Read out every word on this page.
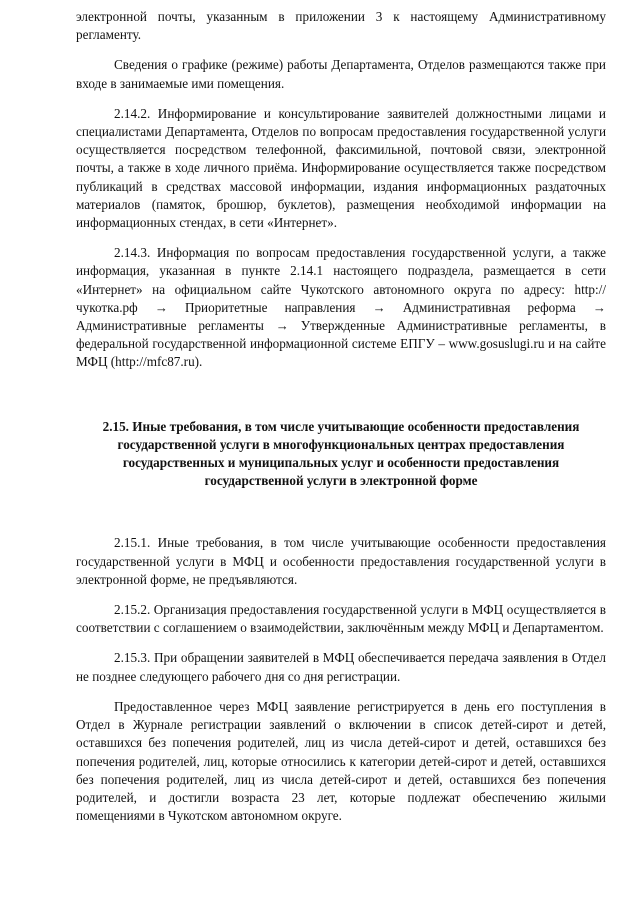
электронной почты, указанным в приложении 3 к настоящему Административному регламенту.

Сведения о графике (режиме) работы Департамента, Отделов размещаются также при входе в занимаемые ими помещения.

2.14.2. Информирование и консультирование заявителей должностными лицами и специалистами Департамента, Отделов по вопросам предоставления государственной услуги осуществляется посредством телефонной, факсимильной, почтовой связи, электронной почты, а также в ходе личного приёма. Информирование осуществляется также посредством публикаций в средствах массовой информации, издания информационных раздаточных материалов (памяток, брошюр, буклетов), размещения необходимой информации на информационных стендах, в сети «Интернет».

2.14.3. Информация по вопросам предоставления государственной услуги, а также информация, указанная в пункте 2.14.1 настоящего подраздела, размещается в сети «Интернет» на официальном сайте Чукотского автономного округа по адресу: http://чукотка.рф → Приоритетные направления → Административная реформа → Административные регламенты → Утвержденные Административные регламенты, в федеральной государственной информационной системе ЕПГУ – www.gosuslugi.ru и на сайте МФЦ (http://mfc87.ru).

2.15. Иные требования, в том числе учитывающие особенности предоставления государственной услуги в многофункциональных центрах предоставления государственных и муниципальных услуг и особенности предоставления государственной услуги в электронной форме

2.15.1. Иные требования, в том числе учитывающие особенности предоставления государственной услуги в МФЦ и особенности предоставления государственной услуги в электронной форме, не предъявляются.

2.15.2. Организация предоставления государственной услуги в МФЦ осуществляется в соответствии с соглашением о взаимодействии, заключённым между МФЦ и Департаментом.

2.15.3. При обращении заявителей в МФЦ обеспечивается передача заявления в Отдел не позднее следующего рабочего дня со дня регистрации.

Предоставленное через МФЦ заявление регистрируется в день его поступления в Отдел в Журнале регистрации заявлений о включении в список детей-сирот и детей, оставшихся без попечения родителей, лиц из числа детей-сирот и детей, оставшихся без попечения родителей, лиц, которые относились к категории детей-сирот и детей, оставшихся без попечения родителей, лиц из числа детей-сирот и детей, оставшихся без попечения родителей, и достигли возраста 23 лет, которые подлежат обеспечению жилыми помещениями в Чукотском автономном округе.
